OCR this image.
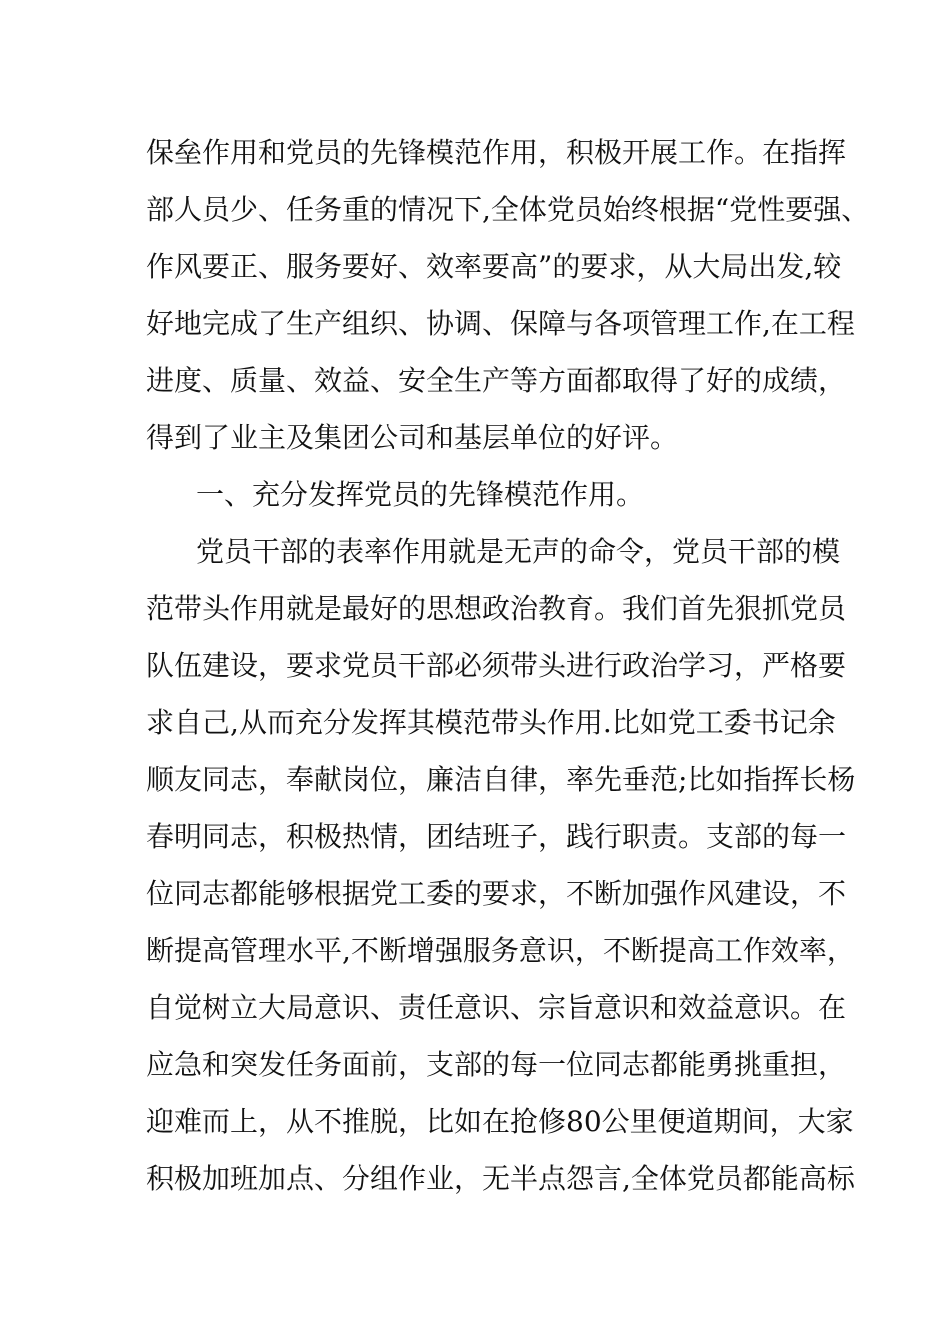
保垒作用和党员的先锋模范作用，积极开展工作。在指挥
部人员少、任务重的情况下,全体党员始终根据“党性要强、
作风要正、服务要好、效率要高”的要求，从大局出发,较
好地完成了生产组织、协调、保障与各项管理工作,在工程
进度、质量、效益、安全生产等方面都取得了好的成绩，
得到了业主及集团公司和基层单位的好评。
一、充分发挥党员的先锋模范作用。
党员干部的表率作用就是无声的命令，党员干部的模
范带头作用就是最好的思想政治教育。我们首先狠抓党员
队伍建设，要求党员干部必须带头进行政治学习，严格要
求自己,从而充分发挥其模范带头作用.比如党工委书记余
顺友同志，奉献岗位，廉洁自律，率先垂范;比如指挥长杨
春明同志，积极热情，团结班子，践行职责。支部的每一
位同志都能够根据党工委的要求，不断加强作风建设，不
断提高管理水平,不断增强服务意识，不断提高工作效率，
自觉树立大局意识、责任意识、宗旨意识和效益意识。在
应急和突发任务面前，支部的每一位同志都能勇挑重担，
迎难而上，从不推脱，比如在抢修80公里便道期间，大家
积极加班加点、分组作业，无半点怨言,全体党员都能高标
